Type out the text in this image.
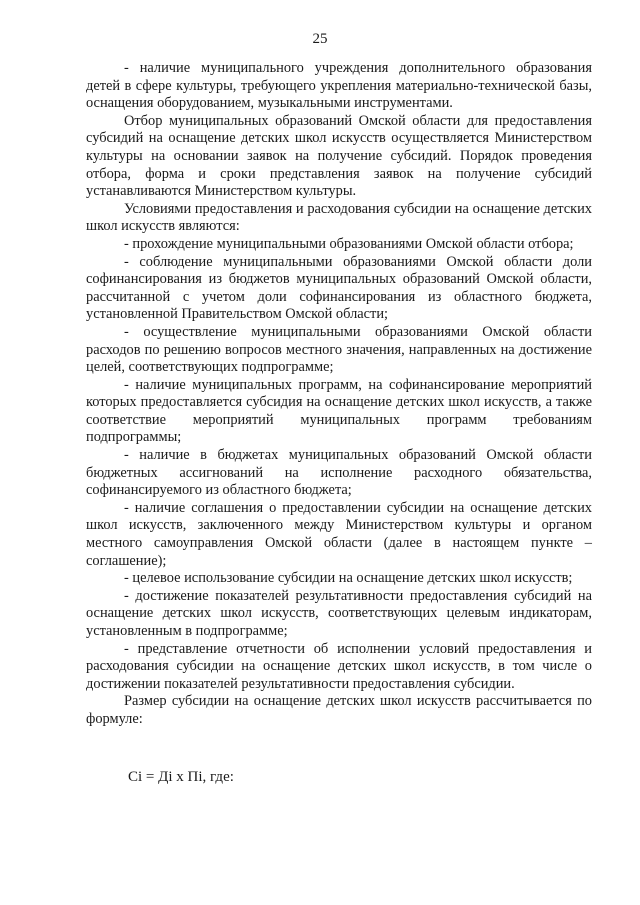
25

- наличие муниципального учреждения дополнительного образования детей в сфере культуры, требующего укрепления материально-технической базы, оснащения оборудованием, музыкальными инструментами.

Отбор муниципальных образований Омской области для предоставления субсидий на оснащение детских школ искусств осуществляется Министерством культуры на основании заявок на получение субсидий. Порядок проведения отбора, форма и сроки представления заявок на получение субсидий устанавливаются Министерством культуры.

Условиями предоставления и расходования субсидии на оснащение детских школ искусств являются:

- прохождение муниципальными образованиями Омской области отбора;

- соблюдение муниципальными образованиями Омской области доли софинансирования из бюджетов муниципальных образований Омской области, рассчитанной с учетом доли софинансирования из областного бюджета, установленной Правительством Омской области;

- осуществление муниципальными образованиями Омской области расходов по решению вопросов местного значения, направленных на достижение целей, соответствующих подпрограмме;

- наличие муниципальных программ, на софинансирование мероприятий которых предоставляется субсидия на оснащение детских школ искусств, а также соответствие мероприятий муниципальных программ требованиям подпрограммы;

- наличие в бюджетах муниципальных образований Омской области бюджетных ассигнований на исполнение расходного обязательства, софинансируемого из областного бюджета;

- наличие соглашения о предоставлении субсидии на оснащение детских школ искусств, заключенного между Министерством культуры и органом местного самоуправления Омской области (далее в настоящем пункте – соглашение);

- целевое использование субсидии на оснащение детских школ искусств;

- достижение показателей результативности предоставления субсидий на оснащение детских школ искусств, соответствующих целевым индикаторам, установленным в подпрограмме;

- представление отчетности об исполнении условий предоставления и расходования субсидии на оснащение детских школ искусств, в том числе о достижении показателей результативности предоставления субсидии.

Размер субсидии на оснащение детских школ искусств рассчитывается по формуле:

Ci = Дi x Пi, где:
